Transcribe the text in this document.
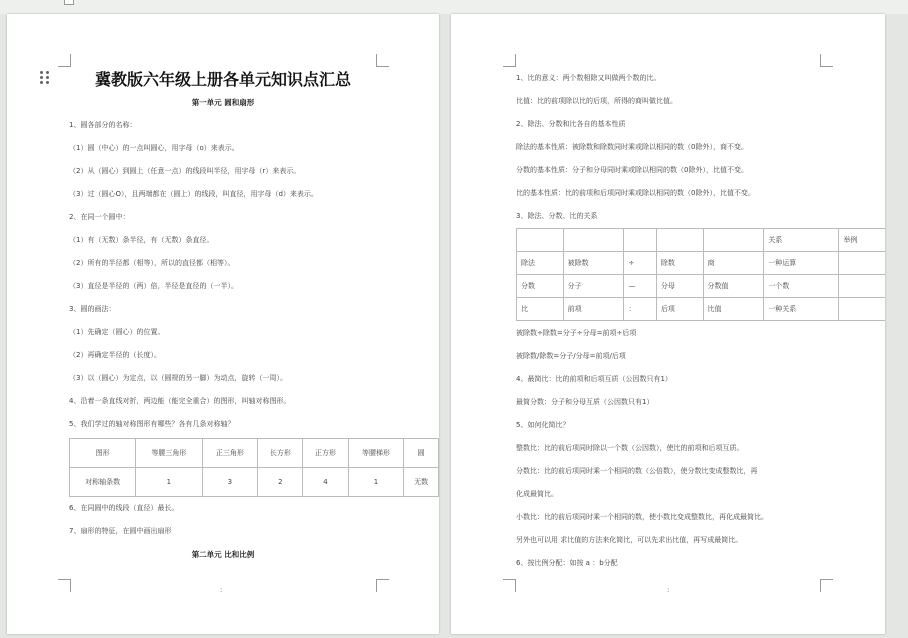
冀教版六年级上册各单元知识点汇总
第一单元 圆和扇形
1、圆各部分的名称：
（1）圆（中心）的一点叫圆心，用字母（o）来表示。
（2）从（圆心）到圆上（任意一点）的线段叫半径，用字母（r）来表示。
（3）过（圆心O），且两端都在（圆上）的线段，叫直径，用字母（d）来表示。
2、在同一个圆中：
（1）有（无数）条半径，有（无数）条直径。
（2）所有的半径都（相等），所以的直径都（相等）。
（3）直径是半径的（两）倍，半径是直径的（一半）。
3、圆的画法：
（1）先确定（圆心）的位置。
（2）再确定半径的（长度）。
（3）以（圆心）为定点，以（圆规的另一脚）为动点，旋转（一周）。
4、沿着一条直线对折，两边能（能完全重合）的图形，叫轴对称图形。
5、我们学过的轴对称图形有哪些？各有几条对称轴？
图形	等腰三角形	正三角形	长方形	正方形	等腰梯形	圆
对称轴条数	1	3	2	4	1	无数
6、在同圆中的线段（直径）最长。
7、扇形的特征，在圆中画出扇形
第二单元 比和比例
:
1、比的意义：两个数相除又叫做两个数的比。
比值：比的前项除以比的后项，所得的商叫做比值。
2、除法、分数和比各自的基本性质
除法的基本性质：被除数和除数同时乘或除以相同的数（0除外），商不变。
分数的基本性质：分子和分母同时乘或除以相同的数（0除外），比值不变。
比的基本性质：比的前项和后项同时乘或除以相同的数（0除外），比值不变。
3、除法、分数、比的关系
					关系	举例
除法	被除数	÷	除数	商	一种运算	
分数	分子	—	分母	分数值	一个数	
比	前项	：	后项	比值	一种关系	
被除数÷除数=分子÷分母=前项÷后项
被除数/除数=分子/分母=前项/后项
4、最简比：比的前项和后项互质（公因数只有1）
最简分数：分子和分母互质（公因数只有1）
5、如何化简比？
整数比：比的前后项同时除以一个数（公因数），使比的前项和后项互质。
分数比：比的前后项同时乘一个相同的数（公倍数），使分数比变成整数比，再
化成最简比。
小数比：比的前后项同时乘一个相同的数，使小数比变成整数比，再化成最简比。
另外也可以用 求比值的方法来化简比，可以先求出比值，再写成最简比。
6、按比例分配：如按 a ：b分配
:
